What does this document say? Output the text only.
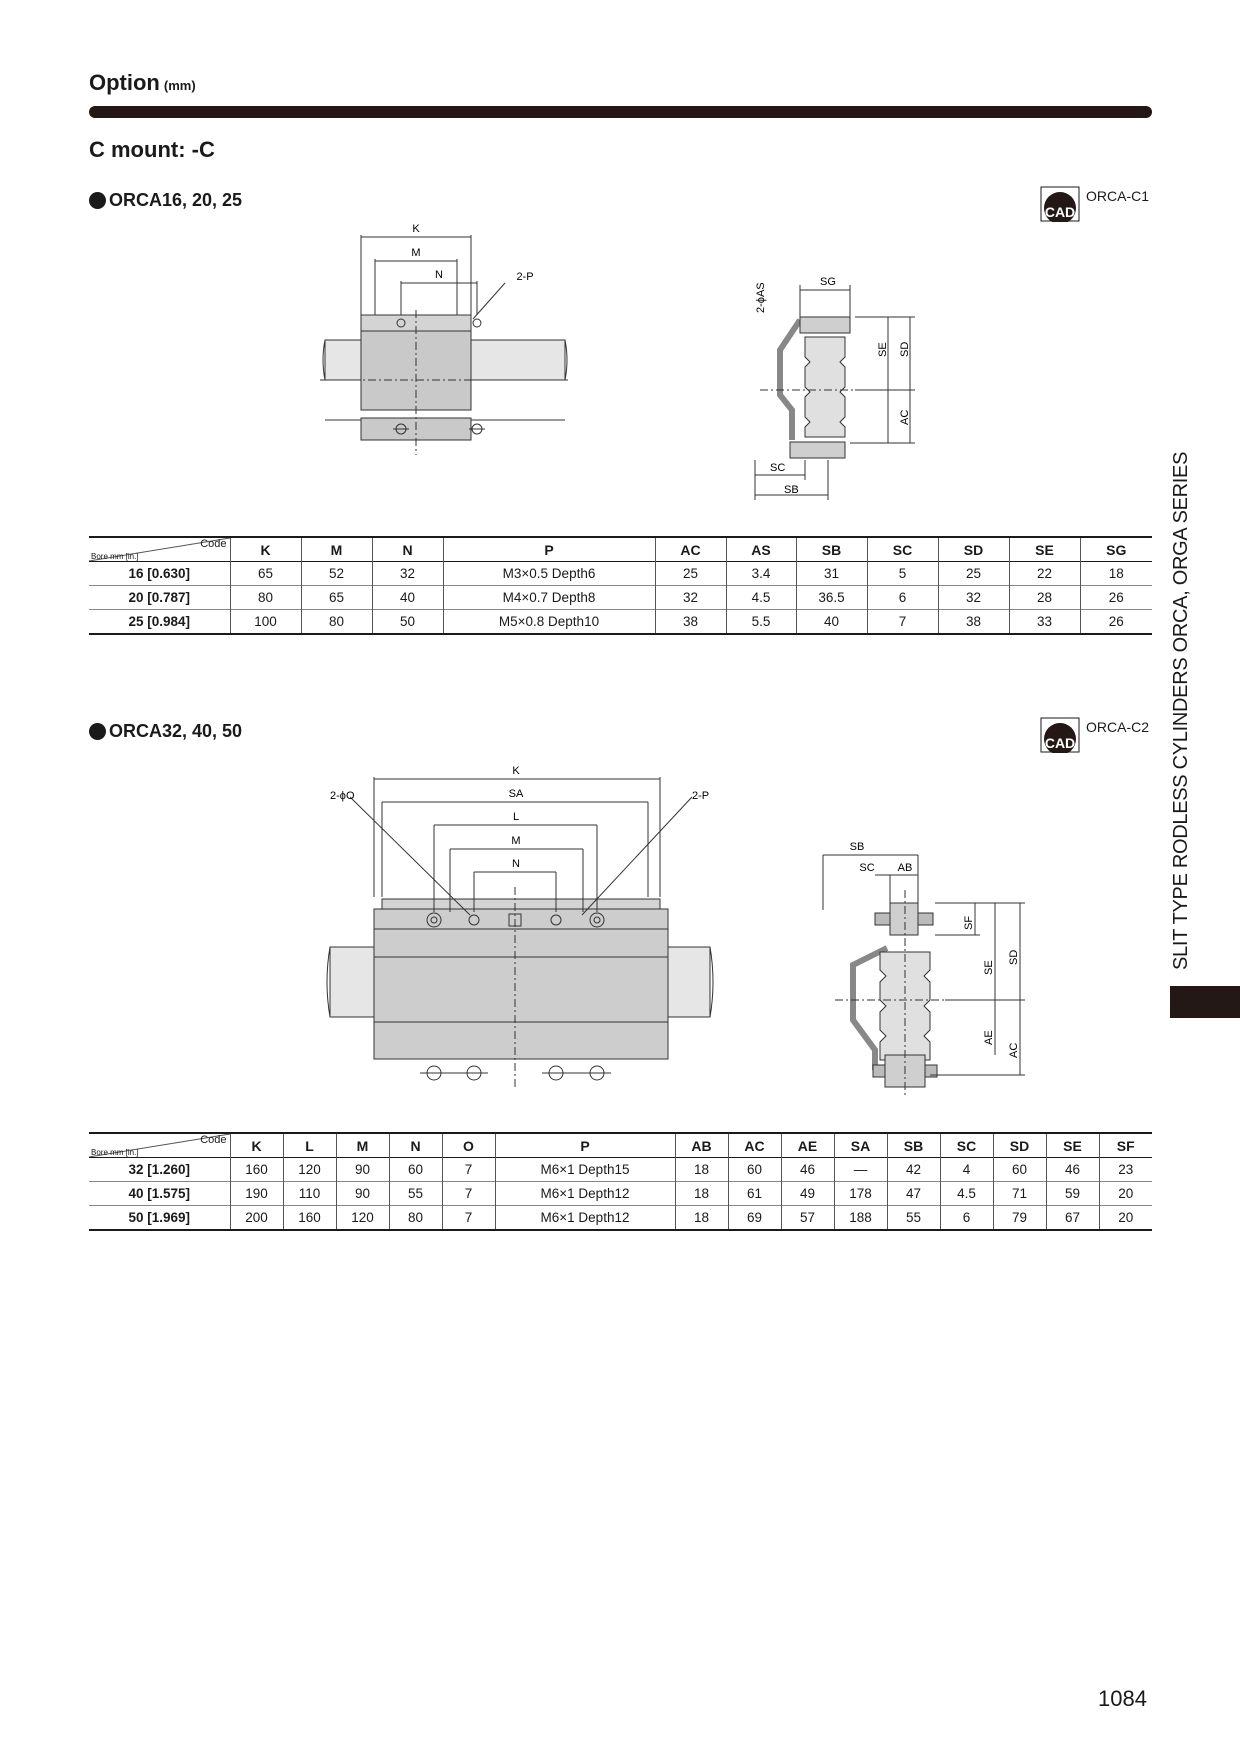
Option (mm)
C mount: -C
ORCA16, 20, 25
CAD
ORCA-C1
K
M
N	2-P	SG
2-ϕAS
SE SD
AC
SC
SB
Code
Bore mm [in.]	K	M	N	P	AC	AS	SB	SC	SD	SE	SG
16 [0.630]	65	52	32	M3×0.5 Depth6	25	3.4	31	5	25	22	18
20 [0.787]	80	65	40	M4×0.7 Depth8	32	4.5	36.5	6	32	28	26
25 [0.984]	100	80	50	M5×0.8 Depth10	38	5.5	40	7	38	33	26
ORCA32, 40, 50
CAD
ORCA-C2
K
SA
L
M
N
2-ϕO	2-P
SB
SC AB
SF
SE
SD
AE
AC
Code
Bore mm [in.]	K	L	M	N	O	P	AB	AC	AE	SA	SB	SC	SD	SE	SF
32 [1.260]	160	120	90	60	7	M6×1 Depth15	18	60	46	—	42	4	60	46	23
40 [1.575]	190	110	90	55	7	M6×1 Depth12	18	61	49	178	47	4.5	71	59	20
50 [1.969]	200	160	120	80	7	M6×1 Depth12	18	69	57	188	55	6	79	67	20
SLIT TYPE RODLESS CYLINDERS ORCA, ORGA SERIES
1084
